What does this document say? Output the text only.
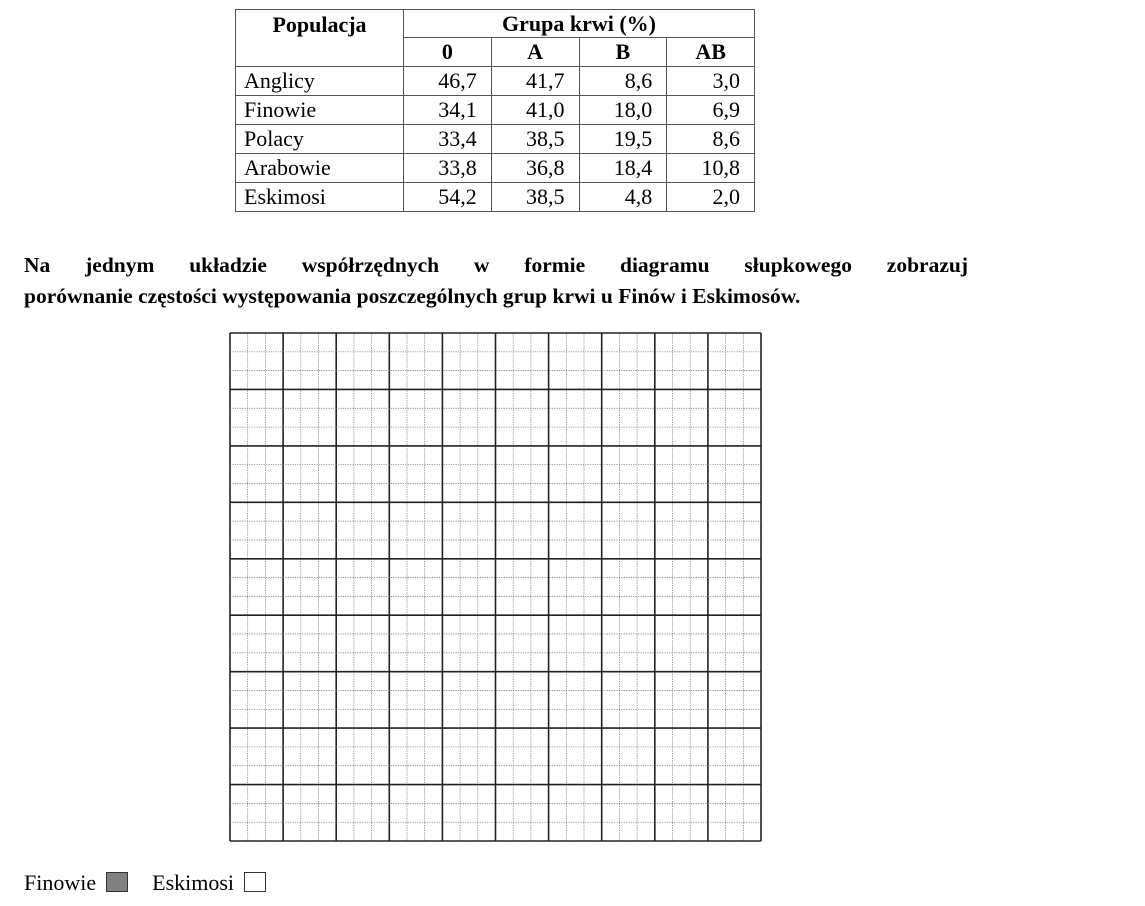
Populacja	Grupa krwi (%)			
	0	A	B	AB
Anglicy	46,7	41,7	8,6	3,0
Finowie	34,1	41,0	18,0	6,9
Polacy	33,4	38,5	19,5	8,6
Arabowie	33,8	36,8	18,4	10,8
Eskimosi	54,2	38,5	4,8	2,0

Na jednym układzie współrzędnych w formie diagramu słupkowego zobrazuj

porównanie częstości występowania poszczególnych grup krwi u Finów i Eskimosów.

Finowie	Eskimosi
